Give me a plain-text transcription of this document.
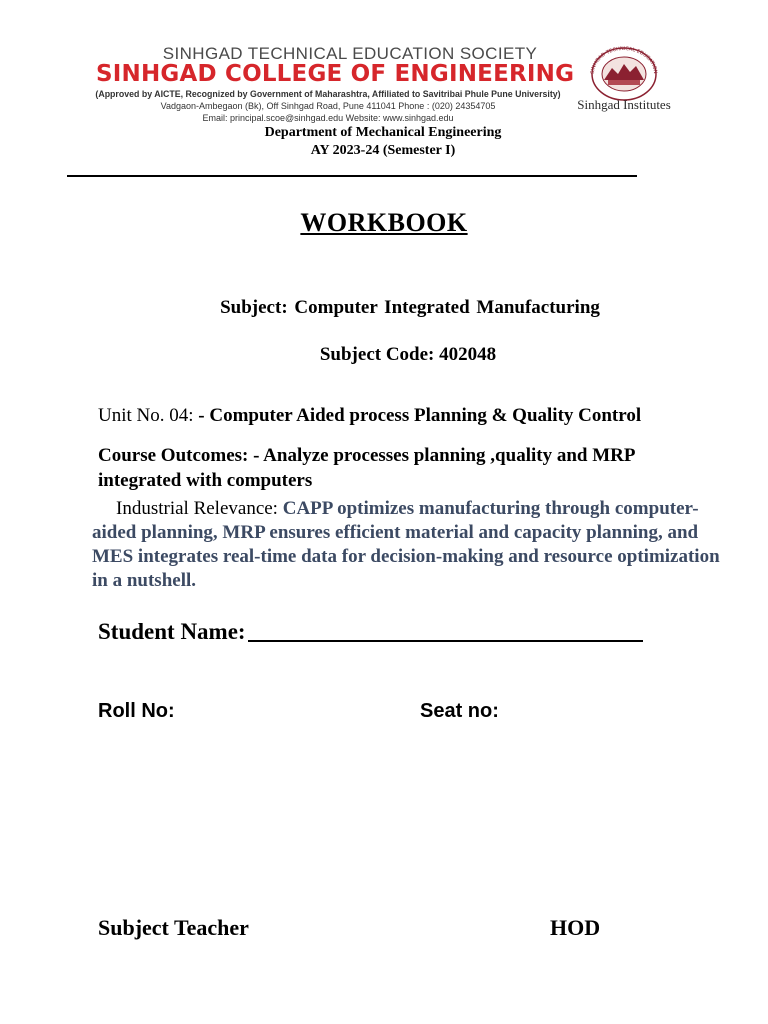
SINHGAD TECHNICAL EDUCATION SOCIETY
SINHGAD COLLEGE OF ENGINEERING
(Approved by AICTE, Recognized by Government of Maharashtra, Affiliated to Savitribai Phule Pune University)
Vadgaon-Ambegaon (Bk), Off Sinhgad Road, Pune 411041 Phone : (020) 24354705
Email: principal.scoe@sinhgad.edu Website: www.sinhgad.edu
SINHGAD TECHNICAL EDUCATION
Sinhgad Institutes
Department of Mechanical Engineering
AY 2023-24 (Semester I)
WORKBOOK
Subject: Computer Integrated Manufacturing
Subject Code: 402048
Unit No. 04: - Computer Aided process Planning & Quality Control
Course Outcomes: - Analyze processes planning ,quality and MRP
integrated with computers
Industrial Relevance: CAPP optimizes manufacturing through computer-aided planning, MRP ensures efficient material and capacity planning, and MES integrates real-time data for decision-making and resource optimization in a nutshell.
Student Name:
Roll No:	Seat no:
Subject Teacher	HOD
